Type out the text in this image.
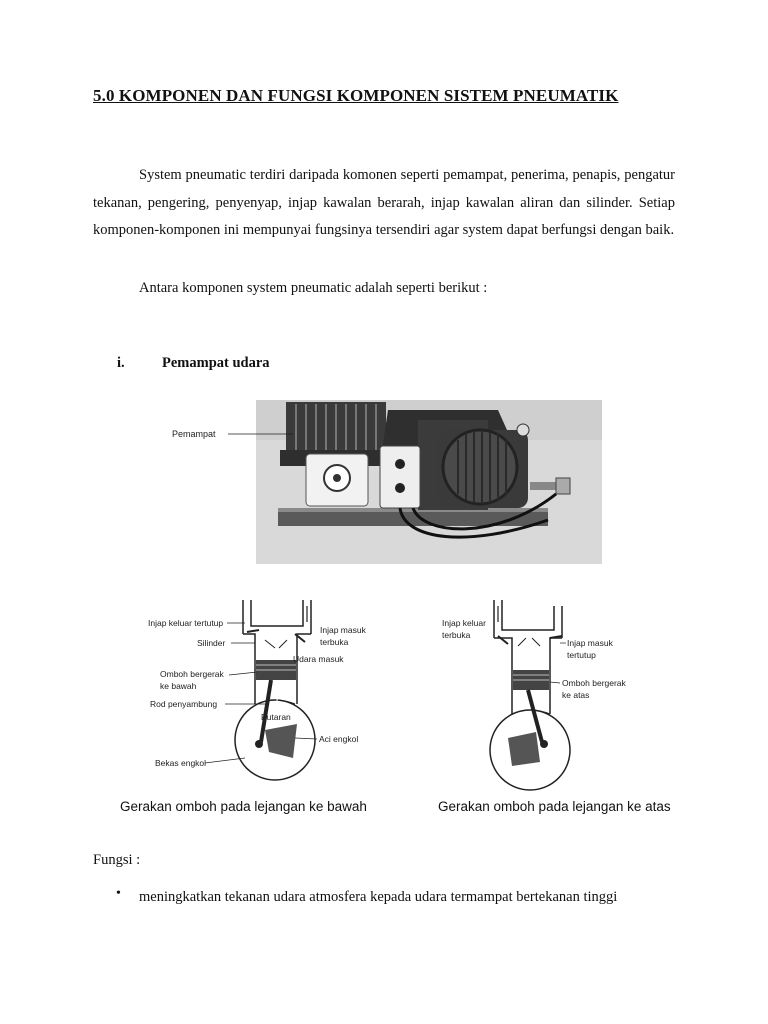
5.0 KOMPONEN DAN FUNGSI KOMPONEN SISTEM PNEUMATIK

System pneumatic terdiri daripada komonen seperti pemampat, penerima, penapis, pengatur tekanan, pengering, penyenyap, injap kawalan berarah, injap kawalan aliran dan silinder. Setiap komponen-komponen ini mempunyai fungsinya tersendiri agar system dapat berfungsi dengan baik.

Antara komponen system pneumatic adalah seperti berikut :
i.	Pemampat udara
Pemampat
Injap keluar tertutup
Silinder
Injap masuk
terbuka
Udara masuk
Omboh bergerak
ke bawah
Rod penyambung
Putaran
Aci engkol
Bekas engkol
Injap keluar
terbuka
Injap masuk
tertutup
Omboh bergerak
ke atas
Gerakan omboh pada lejangan ke bawah	Gerakan omboh pada lejangan ke atas
Fungsi :
• meningkatkan tekanan udara atmosfera kepada udara termampat bertekanan tinggi
